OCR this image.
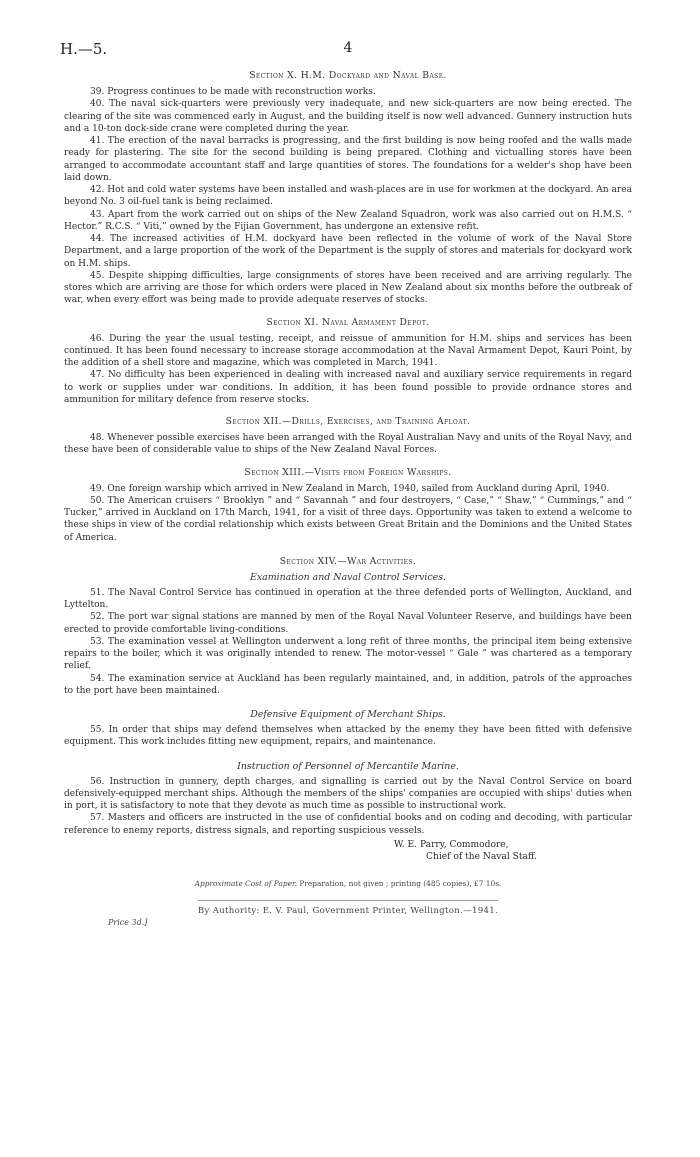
H.—5.	4
Section X. H.M. Dockyard and Naval Base.

39. Progress continues to be made with reconstruction works.

40. The naval sick-quarters were previously very inadequate, and new sick-quarters are now being erected. The clearing of the site was commenced early in August, and the building itself is now well advanced. Gunnery instruction huts and a 10-ton dock-side crane were completed during the year.

41. The erection of the naval barracks is progressing, and the first building is now being roofed and the walls made ready for plastering. The site for the second building is being prepared. Clothing and victualling stores have been arranged to accommodate accountant staff and large quantities of stores. The foundations for a welder's shop have been laid down.

42. Hot and cold water systems have been installed and wash-places are in use for workmen at the dockyard. An area beyond No. 3 oil-fuel tank is being reclaimed.

43. Apart from the work carried out on ships of the New Zealand Squadron, work was also carried out on H.M.S. “ Hector.” R.C.S. “ Viti,” owned by the Fijian Government, has undergone an extensive refit.

44. The increased activities of H.M. dockyard have been reflected in the volume of work of the Naval Store Department, and a large proportion of the work of the Department is the supply of stores and materials for dockyard work on H.M. ships.

45. Despite shipping difficulties, large consignments of stores have been received and are arriving regularly. The stores which are arriving are those for which orders were placed in New Zealand about six months before the outbreak of war, when every effort was being made to provide adequate reserves of stocks.

Section XI. Naval Armament Depot.

46. During the year the usual testing, receipt, and reissue of ammunition for H.M. ships and services has been continued. It has been found necessary to increase storage accommodation at the Naval Armament Depot, Kauri Point, by the addition of a shell store and magazine, which was completed in March, 1941.

47. No difficulty has been experienced in dealing with increased naval and auxiliary service requirements in regard to work or supplies under war conditions. In addition, it has been found possible to provide ordnance stores and ammunition for military defence from reserve stocks.

Section XII.—Drills, Exercises, and Training Afloat.

48. Whenever possible exercises have been arranged with the Royal Australian Navy and units of the Royal Navy, and these have been of considerable value to ships of the New Zealand Naval Forces.

Section XIII.—Visits from Foreign Warships.

49. One foreign warship which arrived in New Zealand in March, 1940, sailed from Auckland during April, 1940.

50. The American cruisers “ Brooklyn ” and “ Savannah ” and four destroyers, “ Case,” “ Shaw,” “ Cummings,” and “ Tucker,” arrived in Auckland on 17th March, 1941, for a visit of three days. Opportunity was taken to extend a welcome to these ships in view of the cordial relationship which exists between Great Britain and the Dominions and the United States of America.

Section XIV.—War Activities.
Examination and Naval Control Services.

51. The Naval Control Service has continued in operation at the three defended ports of Wellington, Auckland, and Lyttelton.

52. The port war signal stations are manned by men of the Royal Naval Volunteer Reserve, and buildings have been erected to provide comfortable living-conditions.

53. The examination vessel at Wellington underwent a long refit of three months, the principal item being extensive repairs to the boiler, which it was originally intended to renew. The motor-vessel “ Gale ” was chartered as a temporary relief.

54. The examination service at Auckland has been regularly maintained, and, in addition, patrols of the approaches to the port have been maintained.

Defensive Equipment of Merchant Ships.

55. In order that ships may defend themselves when attacked by the enemy they have been fitted with defensive equipment. This work includes fitting new equipment, repairs, and maintenance.

Instruction of Personnel of Mercantile Marine.

56. Instruction in gunnery, depth charges, and signalling is carried out by the Naval Control Service on board defensively-equipped merchant ships. Although the members of the ships' companies are occupied with ships' duties when in port, it is satisfactory to note that they devote as much time as possible to instructional work.

57. Masters and officers are instructed in the use of confidential books and on coding and decoding, with particular reference to enemy reports, distress signals, and reporting suspicious vessels.

W. E. Parry, Commodore,
Chief of the Naval Staff.
Approximate Cost of Paper. Preparation, not given ; printing (485 copies), £7 10s.
By Authority: E. V. Paul, Government Printer, Wellington.—1941.
Price 3d.]
